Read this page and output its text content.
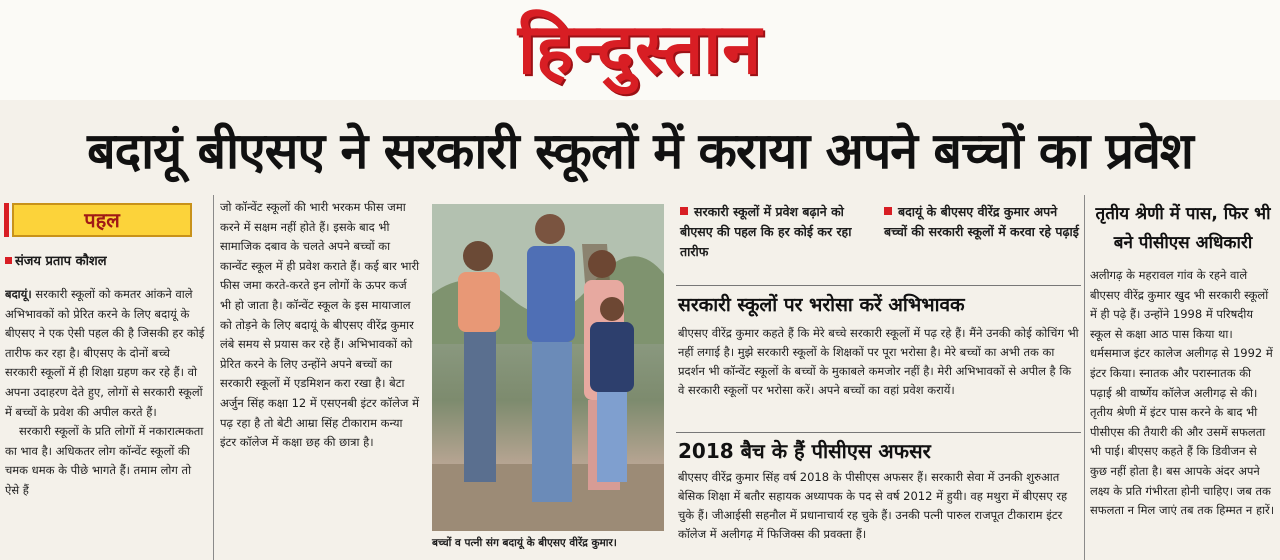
हिन्दुस्तान
बदायूं बीएसए ने सरकारी स्कूलों में कराया अपने बच्चों का प्रवेश
पहल
संजय प्रताप कौशल

बदायूं। सरकारी स्कूलों को कमतर आंकने वाले अभिभावकों को प्रेरित करने के लिए बदायूं के बीएसए ने एक ऐसी पहल की है जिसकी हर कोई तारीफ कर रहा है। बीएसए के दोनों बच्चे सरकारी स्कूलों में ही शिक्षा ग्रहण कर रहे हैं। वो अपना उदाहरण देते हुए, लोगों से सरकारी स्कूलों में बच्चों के प्रवेश की अपील करते हैं।

सरकारी स्कूलों के प्रति लोगों में नकारात्मकता का भाव है। अधिकतर लोग कॉन्वेंट स्कूलों की चमक धमक के पीछे भागते हैं। तमाम लोग तो ऐसे हैं

जो कॉन्वेंट स्कूलों की भारी भरकम फीस जमा करने में सक्षम नहीं होते हैं। इसके बाद भी सामाजिक दबाव के चलते अपने बच्चों का कान्वेंट स्कूल में ही प्रवेश कराते हैं। कई बार भारी फीस जमा करते-करते इन लोगों के ऊपर कर्ज भी हो जाता है। कॉन्वेंट स्कूल के इस मायाजाल को तोड़ने के लिए बदायूं के बीएसए वीरेंद्र कुमार लंबे समय से प्रयास कर रहे हैं। अभिभावकों को प्रेरित करने के लिए उन्होंने अपने बच्चों का सरकारी स्कूलों में एडमिशन करा रखा है। बेटा अर्जुन सिंह कक्षा 12 में एसएनबी इंटर कॉलेज में पढ़ रहा है तो बेटी आम्रा सिंह टीकाराम कन्या इंटर कॉलेज में कक्षा छह की छात्रा है।

बच्चों व पत्नी संग बदायूं के बीएसए वीरेंद्र कुमार।
सरकारी स्कूलों में प्रवेश बढ़ाने को बीएसए की पहल कि हर कोई कर रहा तारीफ
बदायूं के बीएसए वीरेंद्र कुमार अपने बच्चों की सरकारी स्कूलों में करवा रहे पढ़ाई
सरकारी स्कूलों पर भरोसा करें अभिभावक
बीएसए वीरेंद्र कुमार कहते हैं कि मेरे बच्चे सरकारी स्कूलों में पढ़ रहे हैं। मैंने उनकी कोई कोचिंग भी नहीं लगाई है। मुझे सरकारी स्कूलों के शिक्षकों पर पूरा भरोसा है। मेरे बच्चों का अभी तक का प्रदर्शन भी कॉन्वेंट स्कूलों के बच्चों के मुकाबले कमजोर नहीं है। मेरी अभिभावकों से अपील है कि वे सरकारी स्कूलों पर भरोसा करें। अपने बच्चों का वहां प्रवेश करायें।
2018 बैच के हैं पीसीएस अफसर
बीएसए वीरेंद्र कुमार सिंह वर्ष 2018 के पीसीएस अफसर हैं। सरकारी सेवा में उनकी शुरुआत बेसिक शिक्षा में बतौर सहायक अध्यापक के पद से वर्ष 2012 में हुयी। वह मथुरा में बीएसए रह चुके हैं। जीआईसी सहनौल में प्रधानाचार्य रह चुके हैं। उनकी पत्नी पारुल राजपूत टीकाराम इंटर कॉलेज में अलीगढ़ में फिजिक्स की प्रवक्ता हैं।
तृतीय श्रेणी में पास, फिर भी बने पीसीएस अधिकारी
अलीगढ़ के महरावल गांव के रहने वाले बीएसए वीरेंद्र कुमार खुद भी सरकारी स्कूलों में ही पढ़े हैं। उन्होंने 1998 में परिषदीय स्कूल से कक्षा आठ पास किया था। धर्मसमाज इंटर कालेज अलीगढ़ से 1992 में इंटर किया। स्नातक और परास्नातक की पढ़ाई श्री वार्ष्णेय कॉलेज अलीगढ़ से की। तृतीय श्रेणी में इंटर पास करने के बाद भी पीसीएस की तैयारी की और उसमें सफलता भी पाई। बीएसए कहते हैं कि डिवीजन से कुछ नहीं होता है। बस आपके अंदर अपने लक्ष्य के प्रति गंभीरता होनी चाहिए। जब तक सफलता न मिल जाएं तब तक हिम्मत न हारें।
